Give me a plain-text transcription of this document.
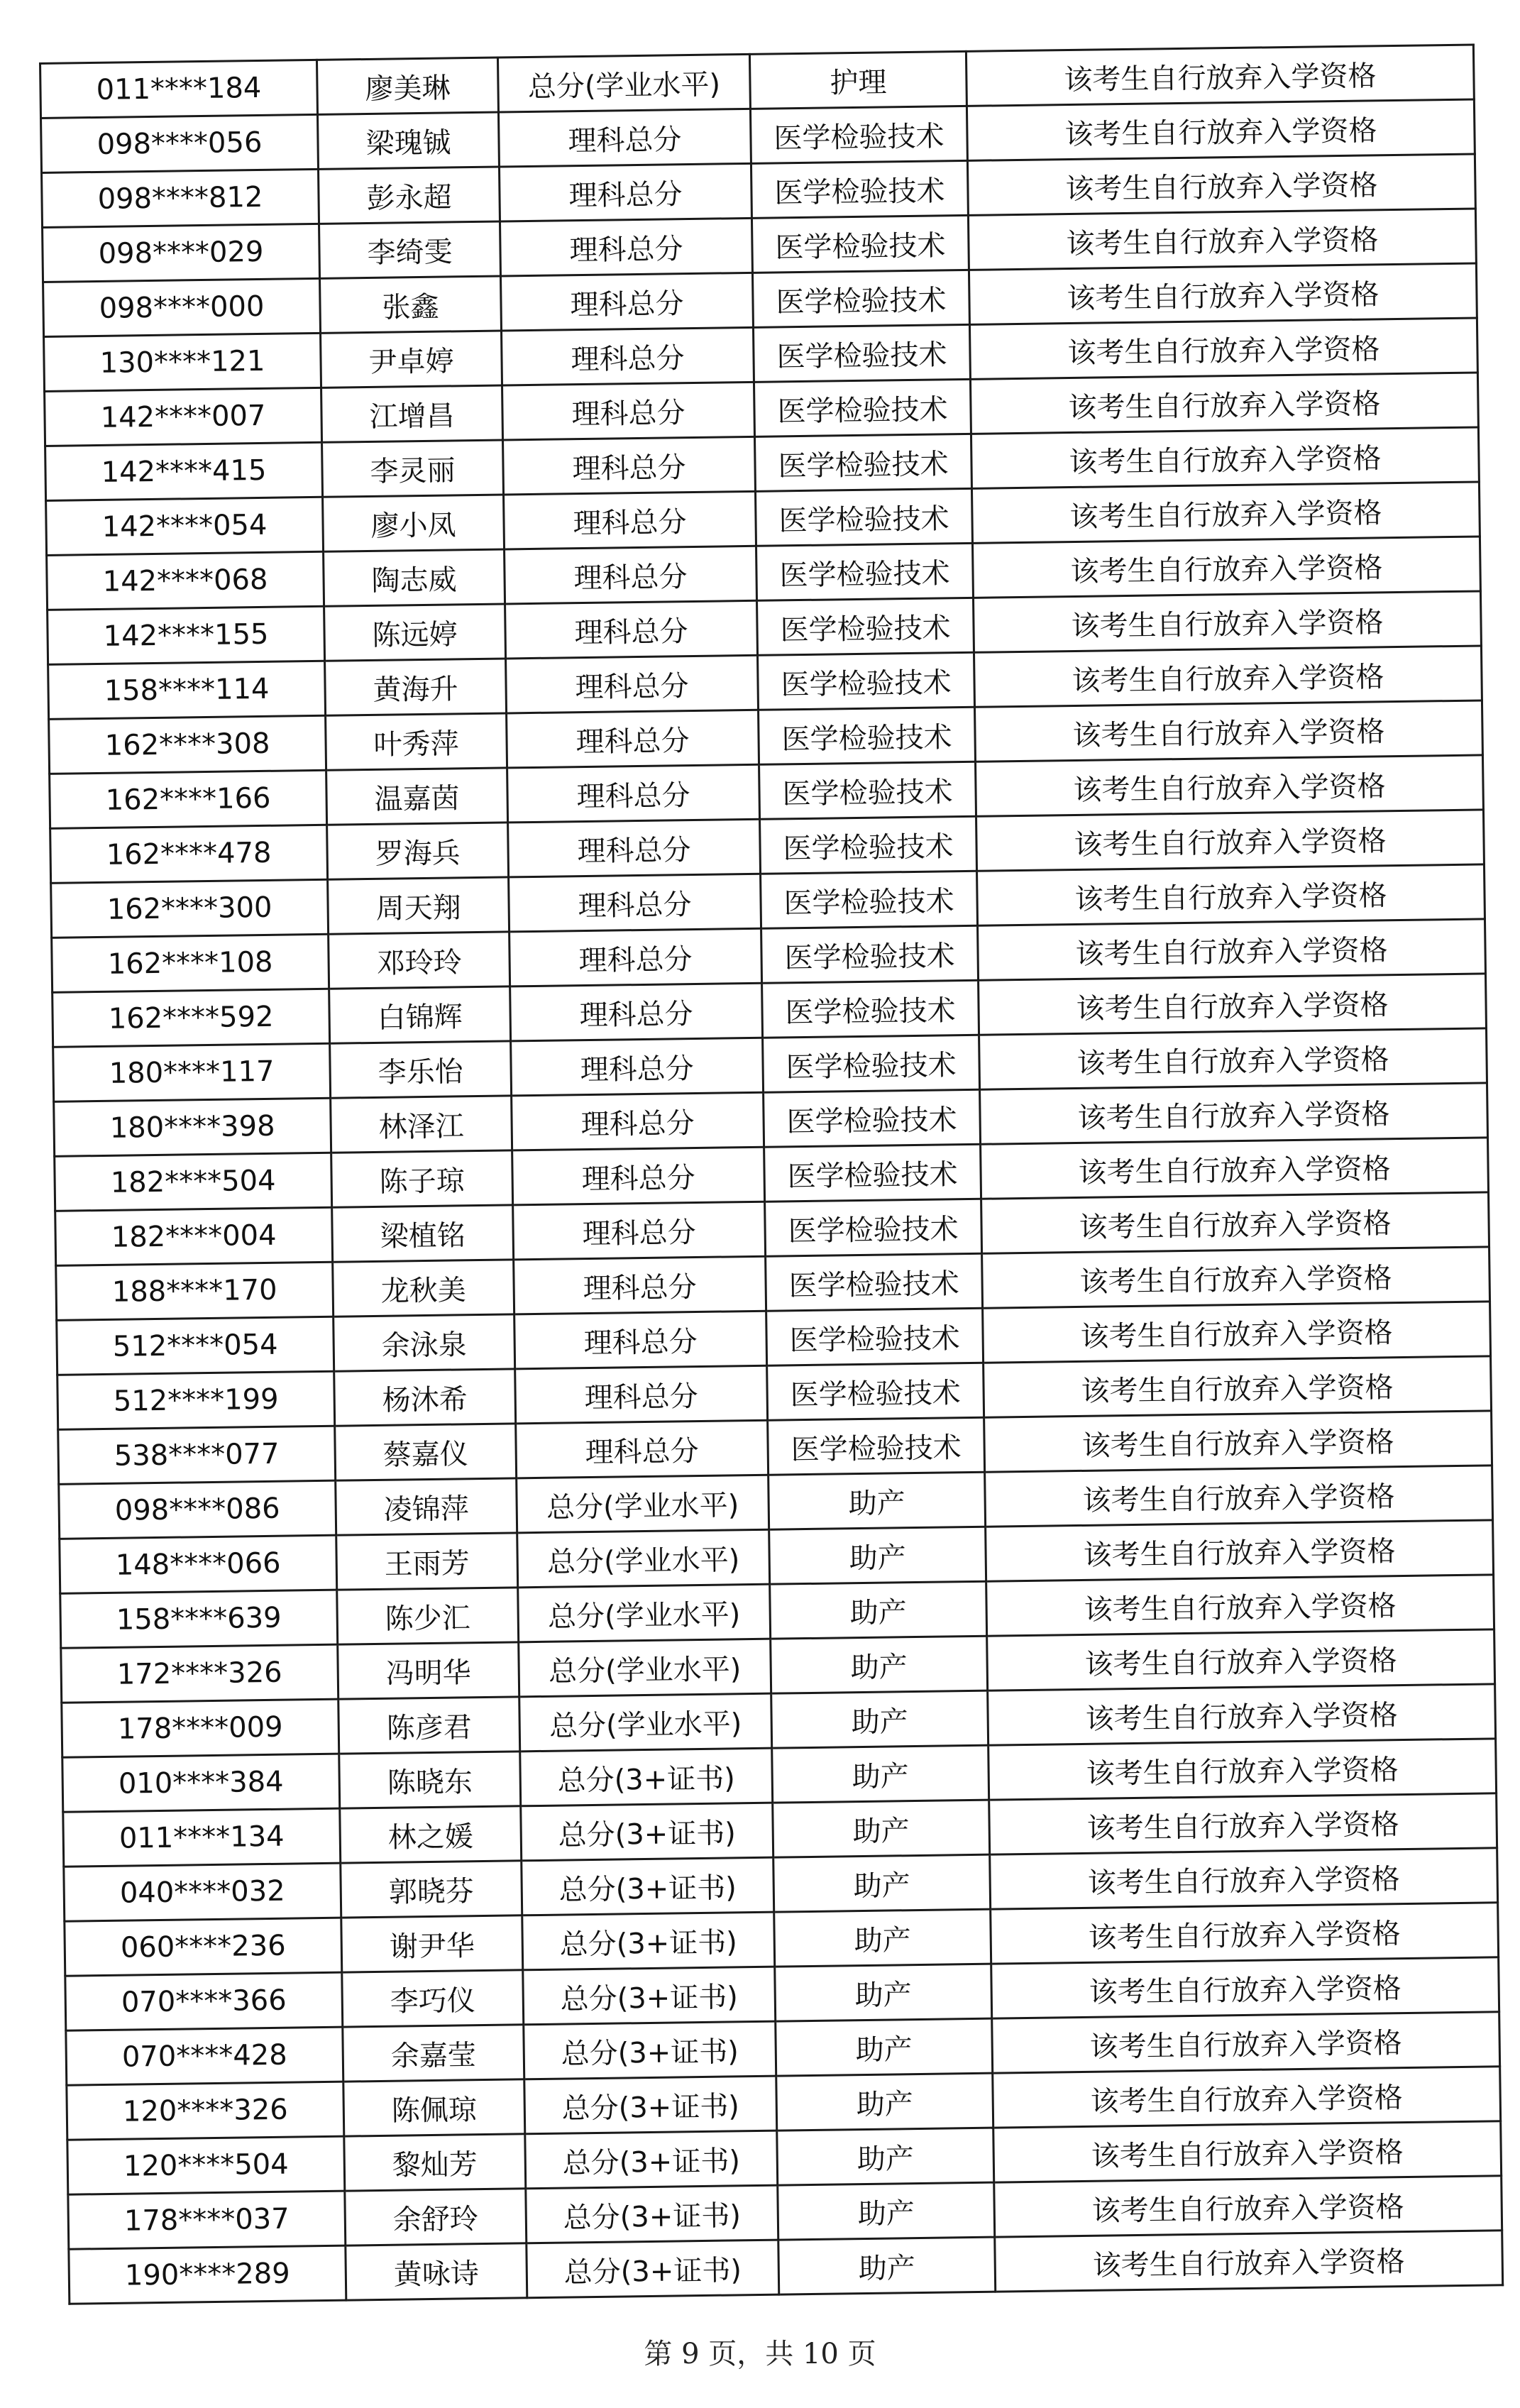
011****184	廖美琳	总分(学业水平)	护理	该考生自行放弃入学资格
098****056	梁瑰铖	理科总分	医学检验技术	该考生自行放弃入学资格
098****812	彭永超	理科总分	医学检验技术	该考生自行放弃入学资格
098****029	李绮雯	理科总分	医学检验技术	该考生自行放弃入学资格
098****000	张鑫	理科总分	医学检验技术	该考生自行放弃入学资格
130****121	尹卓婷	理科总分	医学检验技术	该考生自行放弃入学资格
142****007	江增昌	理科总分	医学检验技术	该考生自行放弃入学资格
142****415	李灵丽	理科总分	医学检验技术	该考生自行放弃入学资格
142****054	廖小凤	理科总分	医学检验技术	该考生自行放弃入学资格
142****068	陶志威	理科总分	医学检验技术	该考生自行放弃入学资格
142****155	陈远婷	理科总分	医学检验技术	该考生自行放弃入学资格
158****114	黄海升	理科总分	医学检验技术	该考生自行放弃入学资格
162****308	叶秀萍	理科总分	医学检验技术	该考生自行放弃入学资格
162****166	温嘉茵	理科总分	医学检验技术	该考生自行放弃入学资格
162****478	罗海兵	理科总分	医学检验技术	该考生自行放弃入学资格
162****300	周天翔	理科总分	医学检验技术	该考生自行放弃入学资格
162****108	邓玲玲	理科总分	医学检验技术	该考生自行放弃入学资格
162****592	白锦辉	理科总分	医学检验技术	该考生自行放弃入学资格
180****117	李乐怡	理科总分	医学检验技术	该考生自行放弃入学资格
180****398	林泽江	理科总分	医学检验技术	该考生自行放弃入学资格
182****504	陈子琼	理科总分	医学检验技术	该考生自行放弃入学资格
182****004	梁植铭	理科总分	医学检验技术	该考生自行放弃入学资格
188****170	龙秋美	理科总分	医学检验技术	该考生自行放弃入学资格
512****054	余泳泉	理科总分	医学检验技术	该考生自行放弃入学资格
512****199	杨沐希	理科总分	医学检验技术	该考生自行放弃入学资格
538****077	蔡嘉仪	理科总分	医学检验技术	该考生自行放弃入学资格
098****086	凌锦萍	总分(学业水平)	助产	该考生自行放弃入学资格
148****066	王雨芳	总分(学业水平)	助产	该考生自行放弃入学资格
158****639	陈少汇	总分(学业水平)	助产	该考生自行放弃入学资格
172****326	冯明华	总分(学业水平)	助产	该考生自行放弃入学资格
178****009	陈彦君	总分(学业水平)	助产	该考生自行放弃入学资格
010****384	陈晓东	总分(3+证书)	助产	该考生自行放弃入学资格
011****134	林之媛	总分(3+证书)	助产	该考生自行放弃入学资格
040****032	郭晓芬	总分(3+证书)	助产	该考生自行放弃入学资格
060****236	谢尹华	总分(3+证书)	助产	该考生自行放弃入学资格
070****366	李巧仪	总分(3+证书)	助产	该考生自行放弃入学资格
070****428	余嘉莹	总分(3+证书)	助产	该考生自行放弃入学资格
120****326	陈佩琼	总分(3+证书)	助产	该考生自行放弃入学资格
120****504	黎灿芳	总分(3+证书)	助产	该考生自行放弃入学资格
178****037	余舒玲	总分(3+证书)	助产	该考生自行放弃入学资格
190****289	黄咏诗	总分(3+证书)	助产	该考生自行放弃入学资格
第 9 页，共 10 页
